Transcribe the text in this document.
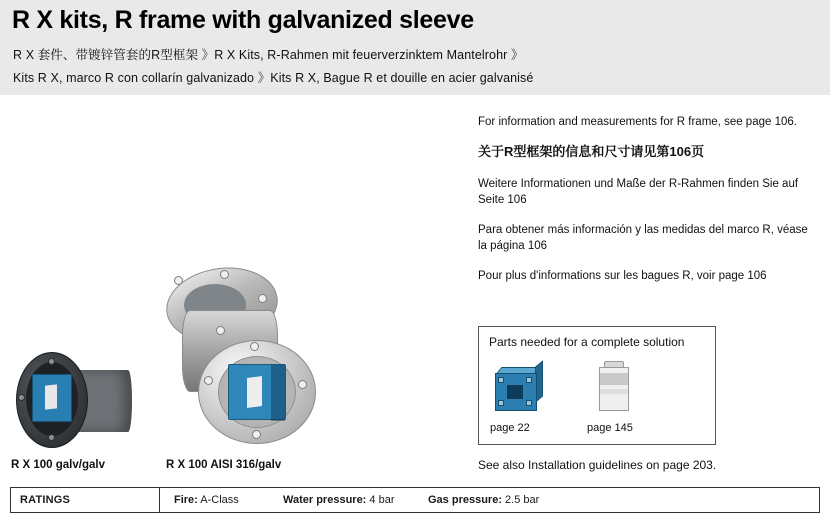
R X kits, R frame with galvanized sleeve
R X 套件、带镀锌管套的R型框架 》R X Kits, R-Rahmen mit feuerverzinktem Mantelrohr 》
Kits R X, marco R con collarín galvanizado 》Kits R X, Bague R et douille en acier galvanisé
For information and measurements for R frame, see page 106.
关于R型框架的信息和尺寸请见第106页
Weitere Informationen und Maße der R-Rahmen finden Sie auf Seite 106
Para obtener más información y las medidas del marco R, véase la página 106
Pour plus d'informations sur les bagues R, voir page 106
Parts needed for a complete solution
page 22	page 145
See also Installation guidelines on page 203.
R X 100 galv/galv	R X 100 AISI 316/galv
RATINGS	Fire: A-Class	Water pressure: 4 bar	Gas pressure: 2.5 bar
